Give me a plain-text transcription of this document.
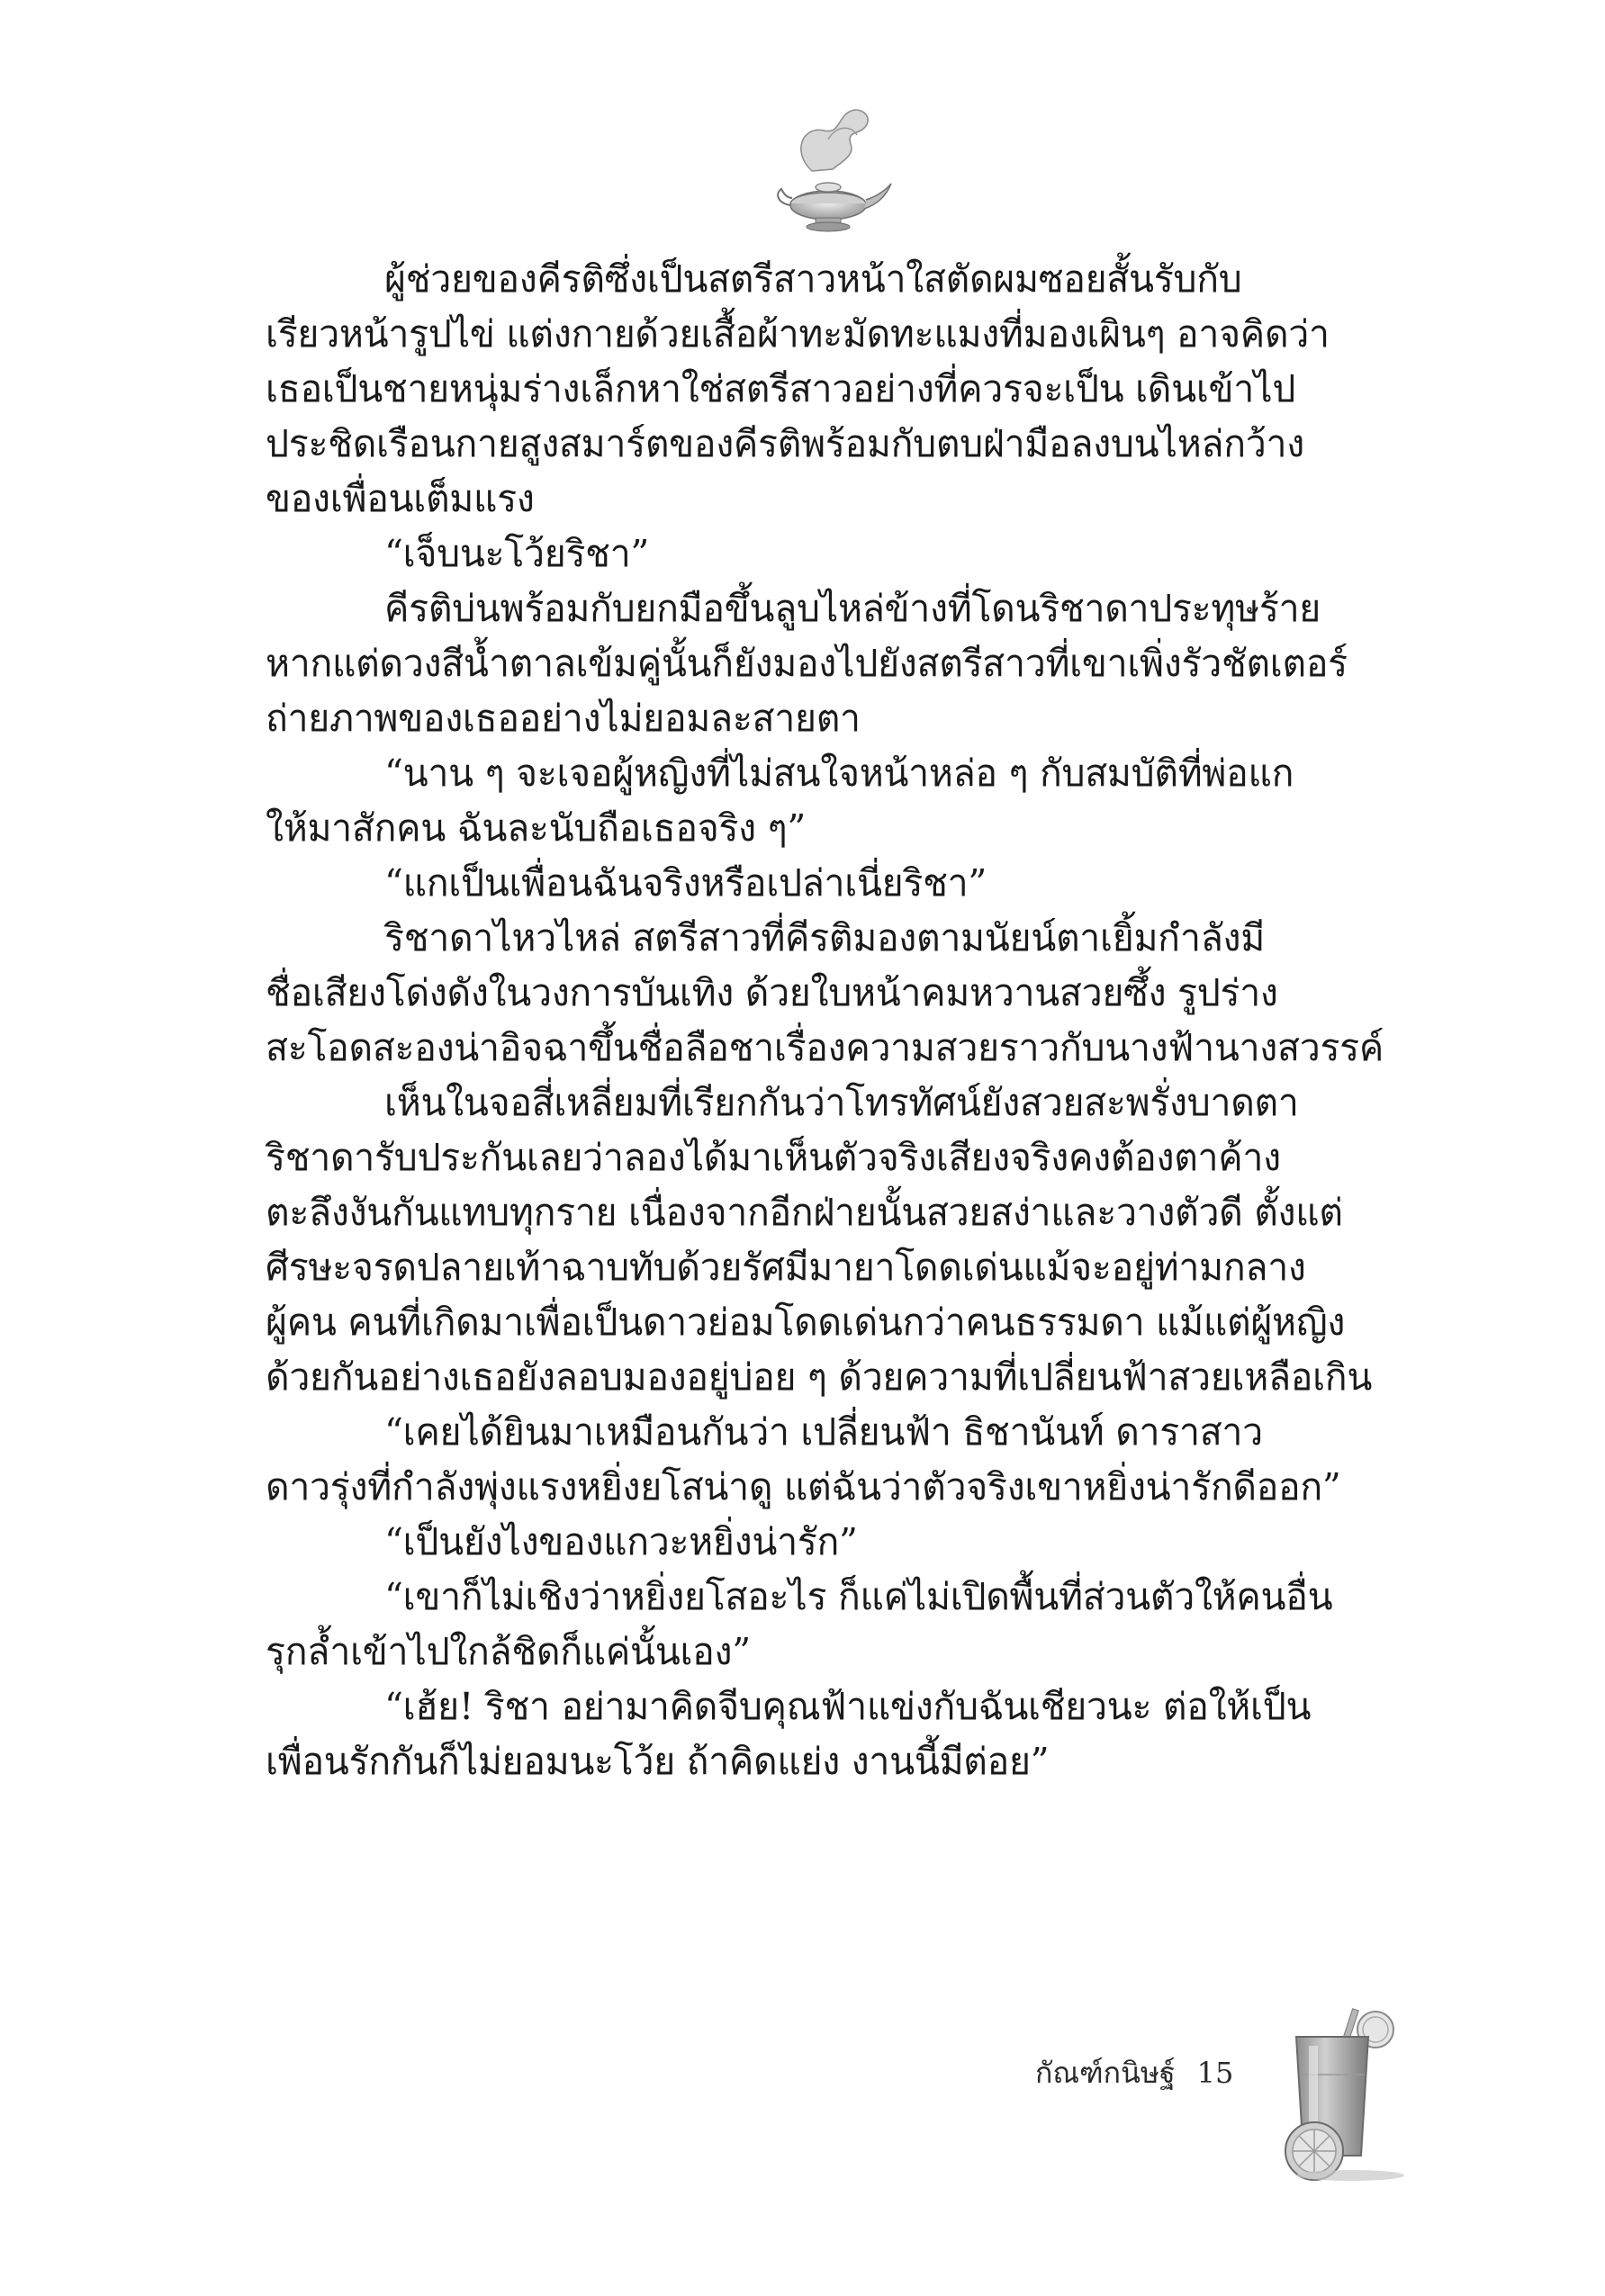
ผู้ช่วยของคีรติซึ่งเป็นสตรีสาวหน้าใสตัดผมซอยสั้นรับกับ
เรียวหน้ารูปไข่ แต่งกายด้วยเสื้อผ้าทะมัดทะแมงที่มองเผินๆ อาจคิดว่า
เธอเป็นชายหนุ่มร่างเล็กหาใช่สตรีสาวอย่างที่ควรจะเป็น เดินเข้าไป
ประชิดเรือนกายสูงสมาร์ตของคีรติพร้อมกับตบฝ่ามือลงบนไหล่กว้าง
ของเพื่อนเต็มแรง
“เจ็บนะโว้ยริชา”
คีรติบ่นพร้อมกับยกมือขึ้นลูบไหล่ข้างที่โดนริชาดาประทุษร้าย
หากแต่ดวงสีน้ำตาลเข้มคู่นั้นก็ยังมองไปยังสตรีสาวที่เขาเพิ่งรัวชัตเตอร์
ถ่ายภาพของเธออย่างไม่ยอมละสายตา
“นาน ๆ จะเจอผู้หญิงที่ไม่สนใจหน้าหล่อ ๆ กับสมบัติที่พ่อแก
ให้มาสักคน ฉันละนับถือเธอจริง ๆ”
“แกเป็นเพื่อนฉันจริงหรือเปล่าเนี่ยริชา”
ริชาดาไหวไหล่ สตรีสาวที่คีรติมองตามนัยน์ตาเยิ้มกำลังมี
ชื่อเสียงโด่งดังในวงการบันเทิง ด้วยใบหน้าคมหวานสวยซึ้ง รูปร่าง
สะโอดสะองน่าอิจฉาขึ้นชื่อลือชาเรื่องความสวยราวกับนางฟ้านางสวรรค์
เห็นในจอสี่เหลี่ยมที่เรียกกันว่าโทรทัศน์ยังสวยสะพรั่งบาดตา
ริชาดารับประกันเลยว่าลองได้มาเห็นตัวจริงเสียงจริงคงต้องตาค้าง
ตะลึงงันกันแทบทุกราย เนื่องจากอีกฝ่ายนั้นสวยสง่าและวางตัวดี ตั้งแต่
ศีรษะจรดปลายเท้าฉาบทับด้วยรัศมีมายาโดดเด่นแม้จะอยู่ท่ามกลาง
ผู้คน คนที่เกิดมาเพื่อเป็นดาวย่อมโดดเด่นกว่าคนธรรมดา แม้แต่ผู้หญิง
ด้วยกันอย่างเธอยังลอบมองอยู่บ่อย ๆ ด้วยความที่เปลี่ยนฟ้าสวยเหลือเกิน
“เคยได้ยินมาเหมือนกันว่า เปลี่ยนฟ้า ธิชานันท์ ดาราสาว
ดาวรุ่งที่กำลังพุ่งแรงหยิ่งยโสน่าดู แต่ฉันว่าตัวจริงเขาหยิ่งน่ารักดีออก”
“เป็นยังไงของแกวะหยิ่งน่ารัก”
“เขาก็ไม่เชิงว่าหยิ่งยโสอะไร ก็แค่ไม่เปิดพื้นที่ส่วนตัวให้คนอื่น
รุกล้ำเข้าไปใกล้ชิดก็แค่นั้นเอง”
“เฮ้ย! ริชา อย่ามาคิดจีบคุณฟ้าแข่งกับฉันเชียวนะ ต่อให้เป็น
เพื่อนรักกันก็ไม่ยอมนะโว้ย ถ้าคิดแย่ง งานนี้มีต่อย”
กัณฑ์กนิษฐ์ 15
